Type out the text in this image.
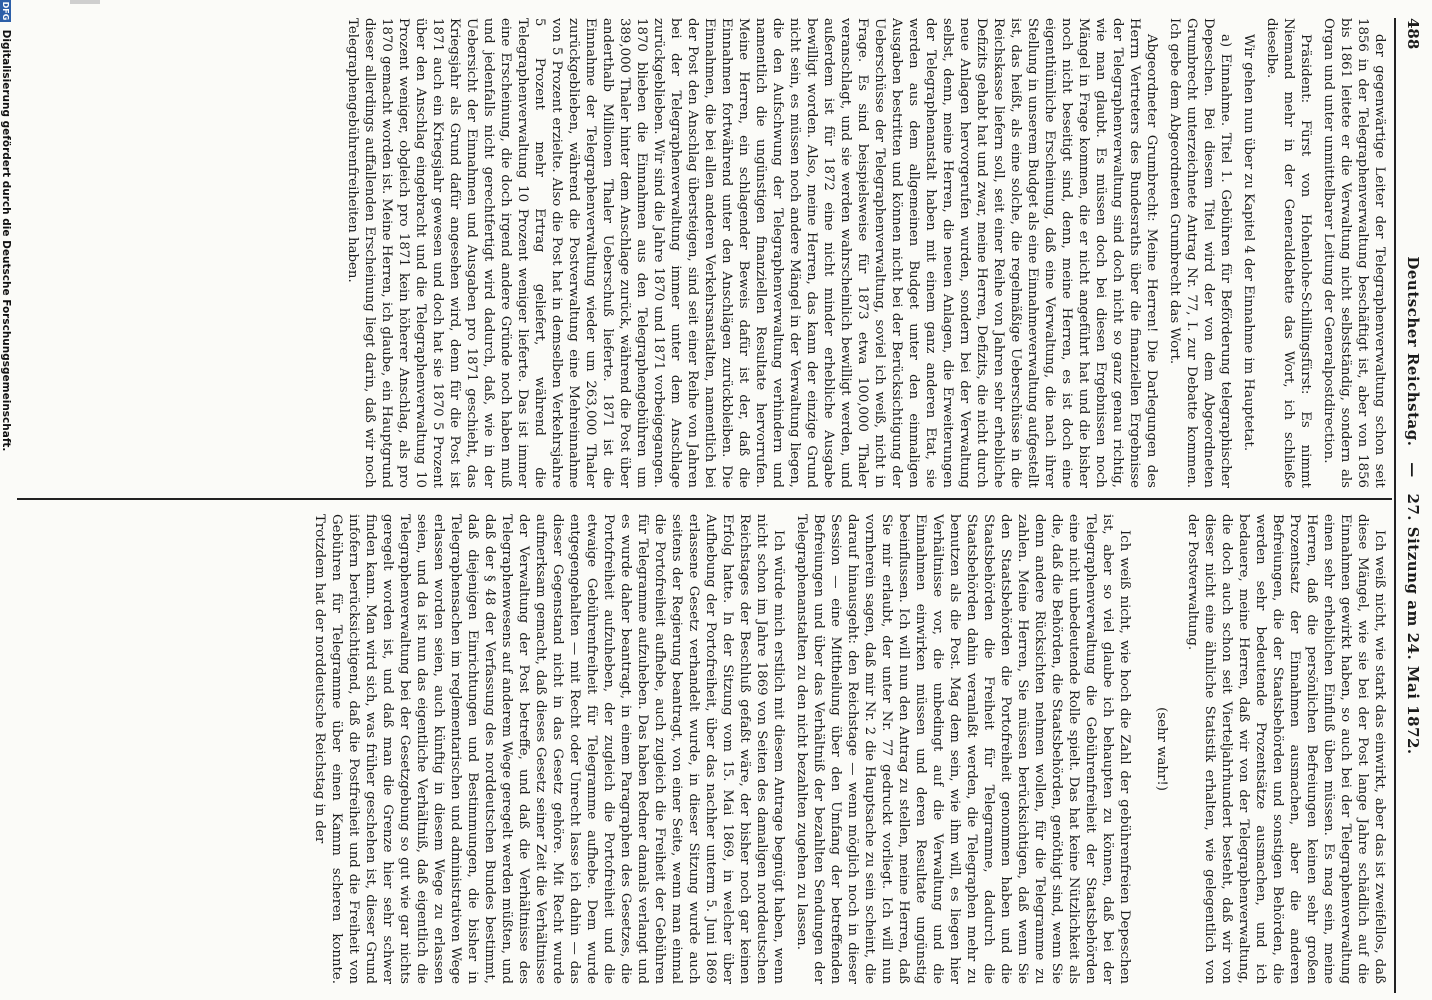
488
Deutscher Reichstag. — 27. Sitzung am 24. Mai 1872.

der gegenwärtige Leiter der Telegraphenverwaltung schon seit 1856 in der Telegraphenverwaltung beschäftigt ist, aber von 1856 bis 1861 leitete er die Verwaltung nicht selbstständig, sondern als Organ und unter unmittelbarer Leitung der Generalpostdirection.

Präsident: Fürst von Hohenlohe-Schillingsfürst: Es nimmt Niemand mehr in der Generaldebatte das Wort, ich schließe dieselbe.

Wir gehen nun über zu Kapitel 4 der Einnahme im Hauptetat.

a) Einnahme. Titel 1. Gebühren für Beförderung telegraphischer Depeschen. Bei diesem Titel wird der von dem Abgeordneten Grumbrecht unterzeichnete Antrag Nr. 77, I. zur Debatte kommen. Ich gebe dem Abgeordneten Grumbrecht das Wort.

Abgeordneter Grumbrecht: Meine Herren! Die Darlegungen des Herrn Vertreters des Bundesraths über die finanziellen Ergebnisse der Telegraphenverwaltung sind doch nicht so ganz genau richtig, wie man glaubt. Es müssen doch bei diesen Ergebnissen noch Mängel in Frage kommen, die er nicht angeführt hat und die bisher noch nicht beseitigt sind, denn, meine Herren, es ist doch eine eigenthümliche Erscheinung, daß eine Verwaltung, die nach ihrer Stellung in unserem Budget als eine Einnahmeverwaltung aufgestellt ist, das heißt, als eine solche, die regelmäßige Ueberschüsse in die Reichskasse liefern soll, seit einer Reihe von Jahren sehr erhebliche Defizits gehabt hat und zwar, meine Herren, Defizits, die nicht durch neue Anlagen hervorgerufen wurden, sondern bei der Verwaltung selbst, denn, meine Herren, die neuen Anlagen, die Erweiterungen der Telegraphenanstalt haben mit einem ganz anderen Etat, sie werden aus dem allgemeinen Budget unter den einmaligen Ausgaben bestritten und können nicht bei der Berücksichtigung der Ueberschüsse der Telegraphenverwaltung, soviel ich weiß, nicht in Frage. Es sind beispielsweise für 1873 etwa 100,000 Thaler veranschlagt, und sie werden wahrscheinlich bewilligt werden, und außerdem ist für 1872 eine nicht minder erhebliche Ausgabe bewilligt worden. Also, meine Herren, das kann der einzige Grund nicht sein, es müssen noch andere Mängel in der Verwaltung liegen, die den Aufschwung der Telegraphenverwaltung verhindern und namentlich die ungünstigen finanziellen Resultate hervorrufen. Meine Herren, ein schlagender Beweis dafür ist der, daß die Einnahmen fortwährend unter den Anschlägen zurückbleiben. Die Einnahmen, die bei allen anderen Verkehrsanstalten, namentlich bei der Post den Anschlag übersteigen, sind seit einer Reihe von Jahren bei der Telegraphenverwaltung immer unter dem Anschlage zurückgeblieben. Wir sind die Jahre 1870 und 1871 vorbeigegangen. 1870 blieben die Einnahmen aus den Telegraphengebühren um 389,000 Thaler hinter dem Anschlage zurück, während die Post über anderthalb Millionen Thaler Ueberschuß lieferte. 1871 ist die Einnahme der Telegraphenverwaltung wieder um 263,000 Thaler zurückgeblieben, während die Postverwaltung eine Mehreinnahme von 5 Prozent erzielte. Also die Post hat in demselben Verkehrsjahre 5 Prozent mehr Ertrag geliefert, während die Telegraphenverwaltung 10 Prozent weniger lieferte. Das ist immer eine Erscheinung, die doch irgend andere Gründe noch haben muß und jedenfalls nicht gerechtfertigt wird dadurch, daß, wie in der Uebersicht der Einnahmen und Ausgaben pro 1871 geschieht, das Kriegsjahr als Grund dafür angesehen wird, denn für die Post ist 1871 auch ein Kriegsjahr gewesen und doch hat sie 1870 5 Prozent über den Anschlag eingebracht und die Telegraphenverwaltung 10 Prozent weniger, obgleich pro 1871 kein höherer Anschlag, als pro 1870 gemacht worden ist. Meine Herren, ich glaube, ein Hauptgrund dieser allerdings auffallenden Erscheinung liegt darin, daß wir noch Telegraphengebührenfreiheiten haben.

Ich weiß nicht, wie stark das einwirkt, aber das ist zweifellos, daß diese Mängel, wie sie bei der Post lange Jahre schädlich auf die Einnahmen gewirkt haben, so auch bei der Telegraphenverwaltung einen sehr erheblichen Einfluß üben müssen. Es mag sein, meine Herren, daß die persönlichen Befreiungen keinen sehr großen Prozentsatz der Einnahmen ausmachen, aber die anderen Befreiungen, die der Staatsbehörden und sonstigen Behörden, die werden sehr bedeutende Prozentsätze ausmachen, und ich bedauere, meine Herren, daß wir von der Telegraphenverwaltung, die doch auch schon seit Vierteljahrhundert besteht, daß wir von dieser nicht eine ähnliche Statistik erhalten, wie gelegentlich von der Postverwaltung.

(sehr wahr!)

Ich weiß nicht, wie hoch die Zahl der gebührenfreien Depeschen ist, aber so viel glaube ich behaupten zu können, daß bei der Telegraphenverwaltung die Gebührenfreiheit der Staatsbehörden eine nicht unbedeutende Rolle spielt. Das hat keine Nützlichkeit als die, daß die Behörden, die Staatsbehörden, genöthigt sind, wenn Sie denn andere Rücksichten nehmen wollen, für die Telegramme zu zahlen. Meine Herren, Sie müssen berücksichtigen, daß wenn Sie den Staatsbehörden die Portofreiheit genommen haben und die Staatsbehörden die Freiheit für Telegramme, dadurch die Staatsbehörden dahin veranlaßt werden, die Telegraphen mehr zu benutzen als die Post. Mag dem sein, wie ihm will, es liegen hier Verhältnisse vor, die unbedingt auf die Verwaltung und die Einnahmen einwirken müssen und deren Resultate ungünstig beeinflussen. Ich will nun den Antrag zu stellen, meine Herren, daß Sie mir erlaubt, der unter Nr. 77 gedruckt vorliegt. Ich will nun vornherein sagen, daß mir Nr. 2 die Hauptsache zu sein scheint, die darauf hinausgeht: den Reichstage — wenn möglich noch in dieser Session — eine Mittheilung über den Umfang der betreffenden Befreiungen und über das Verhältniß der bezahlten Sendungen der Telegraphenanstalten zu den nicht bezahlten zugehen zu lassen.

Ich würde mich erstlich mit diesem Antrage begnügt haben, wenn nicht schon im Jahre 1869 von Seiten des damaligen norddeutschen Reichstages der Beschluß gefaßt wäre, der bisher noch gar keinen Erfolg hatte. In der Sitzung vom 15. Mai 1869, in welcher über Aufhebung der Portofreiheit, über das nachher unterm 5. Juni 1869 erlassene Gesetz verhandelt wurde, in dieser Sitzung wurde auch seitens der Regierung beantragt, von einer Seite, wenn man einmal die Portofreiheit aufhebe, auch zugleich die Freiheit der Gebühren für Telegramme aufzuheben. Das haben Redner damals verlangt und es wurde daher beantragt, in einem Paragraphen des Gesetzes, die Portofreiheit aufzuheben, der zugleich die Portofreiheit und die etwaige Gebührenfreiheit für Telegramme aufhebe. Dem wurde entgegengehalten — mit Recht oder Unrecht lasse ich dahin — das dieser Gegenstand nicht in das Gesetz gehöre. Mit Recht wurde aufmerksam gemacht, daß dieses Gesetz seiner Zeit die Verhältnisse der Verwaltung der Post betreffe, und daß die Verhältnisse des Telegraphenwesens auf anderem Wege geregelt werden müßten, und daß der § 48 der Verfassung des norddeutschen Bundes bestimmt, daß diejenigen Einrichtungen und Bestimmungen, die bisher in Telegraphensachen im reglementarischen und administrativen Wege erlassen worden seien, auch künftig in diesem Wege zu erlassen seien, und da ist nun das eigentliche Verhältniß, daß eigentlich die Telegraphenverwaltung bei der Gesetzgebung so gut wie gar nichts geregelt worden ist, und daß man die Grenze hier sehr schwer finden kann. Man wird sich, was früher geschehen ist, dieser Grund infofern berücksichtigend, daß die Postfreiheit und die Freiheit von Gebühren für Telegramme über einen Kamm scheren konnte. Trotzdem hat der norddeutsche Reichstag in der

DFG Digitalisierung gefördert durch die Deutsche Forschungsgemeinschaft.
